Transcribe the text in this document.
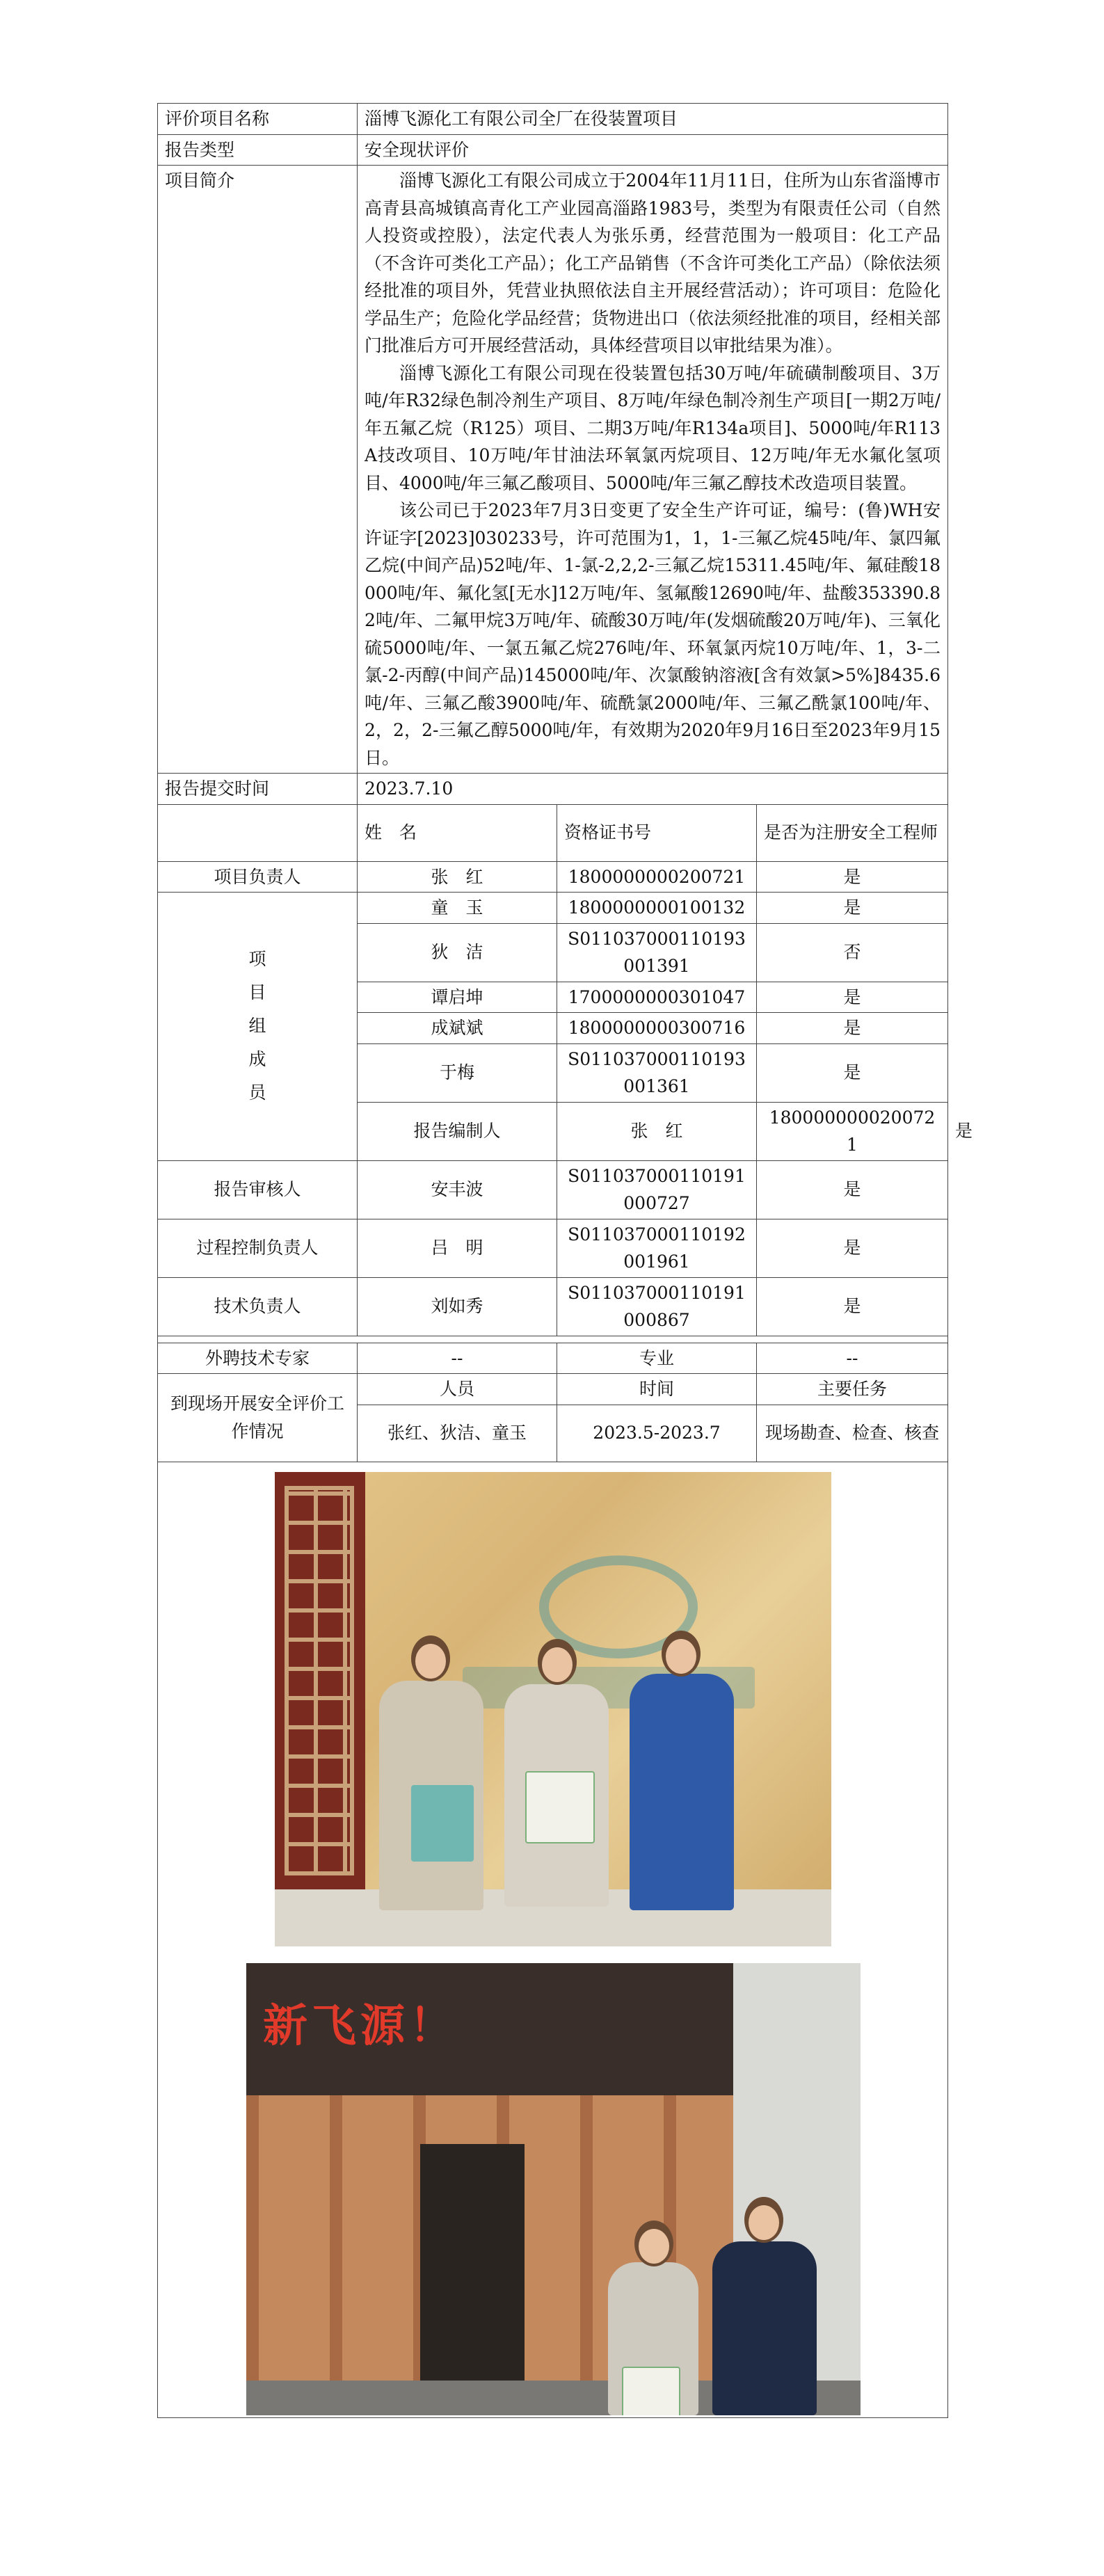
评价项目名称	淄博飞源化工有限公司全厂在役装置项目			
报告类型	安全现状评价			
项目简介	淄博飞源化工有限公司成立于2004年11月11日，住所为山东省淄博市高青县高城镇高青化工产业园高淄路1983号，类型为有限责任公司（自然人投资或控股），法定代表人为张乐勇，经营范围为一般项目：化工产品（不含许可类化工产品）；化工产品销售（不含许可类化工产品）（除依法须经批准的项目外，凭营业执照依法自主开展经营活动）；许可项目：危险化学品生产；危险化学品经营；货物进出口（依法须经批准的项目，经相关部门批准后方可开展经营活动，具体经营项目以审批结果为准）。

淄博飞源化工有限公司现在役装置包括30万吨/年硫磺制酸项目、3万吨/年R32绿色制冷剂生产项目、8万吨/年绿色制冷剂生产项目[一期2万吨/年五氟乙烷（R125）项目、二期3万吨/年R134a项目]、5000吨/年R113A技改项目、10万吨/年甘油法环氧氯丙烷项目、12万吨/年无水氟化氢项目、4000吨/年三氟乙酸项目、5000吨/年三氟乙醇技术改造项目装置。

该公司已于2023年7月3日变更了安全生产许可证，编号：(鲁)WH安许证字[2023]030233号，许可范围为1，1，1-三氟乙烷45吨/年、氯四氟乙烷(中间产品)52吨/年、1-氯-2,2,2-三氟乙烷15311.45吨/年、氟硅酸18000吨/年、氟化氢[无水]12万吨/年、氢氟酸12690吨/年、盐酸353390.82吨/年、二氟甲烷3万吨/年、硫酸30万吨/年(发烟硫酸20万吨/年)、三氧化硫5000吨/年、一氯五氟乙烷276吨/年、环氧氯丙烷10万吨/年、1，3-二氯-2-丙醇(中间产品)145000吨/年、次氯酸钠溶液[含有效氯>5%]8435.6吨/年、三氟乙酸3900吨/年、硫酰氯2000吨/年、三氟乙酰氯100吨/年、2，2，2-三氟乙醇5000吨/年，有效期为2020年9月16日至2023年9月15日。			

报告提交时间	2023.7.10			
	姓　名	资格证书号	是否为注册安全工程师	
项目负责人	张　红	1800000000200721	是	
项
目
组
成
员	童　玉	1800000000100132	是	
	狄　洁	S011037000110193001391	否	
	谭启坤	1700000000301047	是	
	成斌斌	1800000000300716	是	
	于梅	S011037000110193001361	是	
	报告编制人	张　红	1800000000200721	是
报告审核人	安丰波	S011037000110191000727	是	
过程控制负责人	吕　明	S011037000110192001961	是	
技术负责人	刘如秀	S011037000110191000867	是	

外聘技术专家	--	专业	--	
到现场开展安全评价工作情况	人员	时间	主要任务	
	张红、狄洁、童玉	2023.5-2023.7	现场勘查、检查、核查	

新飞源！				
